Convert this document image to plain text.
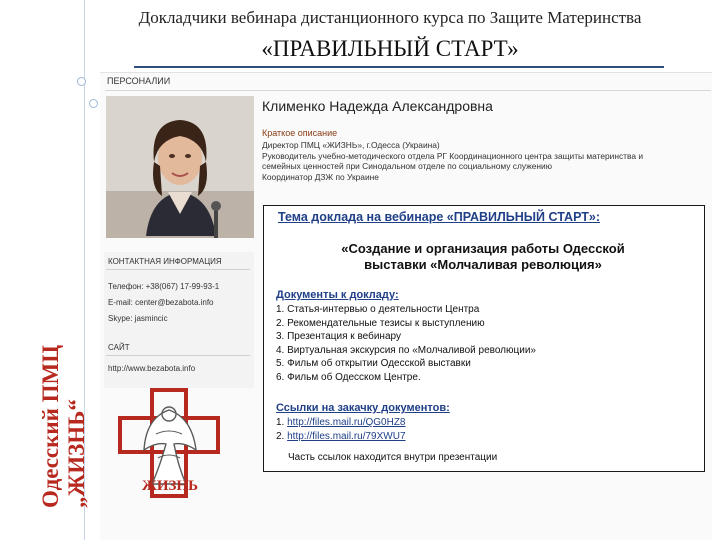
Одесский ПМЦ „ЖИЗНЬ“
Докладчики вебинара дистанционного курса по Защите Материнства
«ПРАВИЛЬНЫЙ СТАРТ»
ПЕРСОНАЛИИ
Клименко Надежда Александровна
Краткое описание
Директор ПМЦ «ЖИЗНЬ», г.Одесса (Украина)
Руководитель учебно-методического отдела РГ Координационного центра защиты материнства и
семейных ценностей при Синодальном отделе по социальному служению
Координатор ДЗЖ по Украине
КОНТАКТНАЯ ИНФОРМАЦИЯ
Телефон: +38(067) 17-99-93-1
E-mail: center@bezabota.info
Skype: jasmincic
САЙТ
http://www.bezabota.info
ЖИЗНЬ
Тема доклада на вебинаре «ПРАВИЛЬНЫЙ СТАРТ»:
«Создание и организация работы Одесской
выставки «Молчаливая революция»
Документы к докладу:
1. Статья-интервью о деятельности Центра
2. Рекомендательные тезисы к выступлению
3. Презентация к вебинару
4. Виртуальная экскурсия по «Молчаливой революции»
5. Фильм об открытии Одесской выставки
6. Фильм об Одесском Центре.
Ссылки на закачку документов:
1. http://files.mail.ru/QG0HZ8
2. http://files.mail.ru/79XWU7
Часть ссылок находится внутри презентации
